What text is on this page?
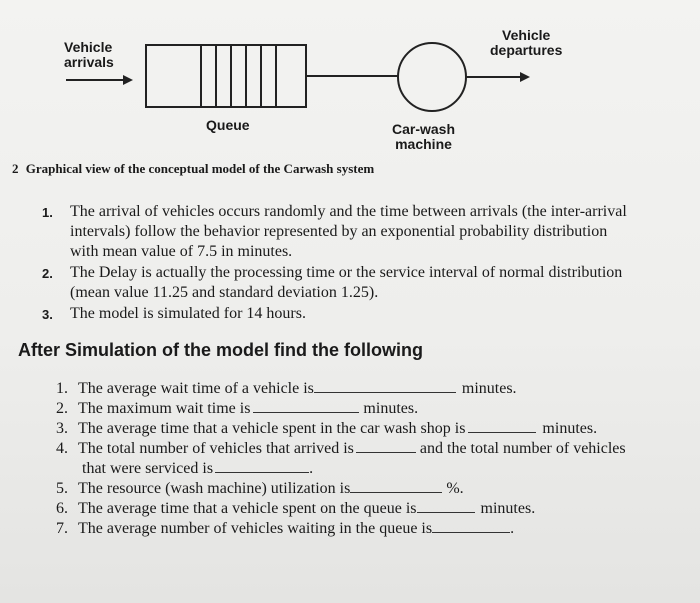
Vehicle
arrivals
Vehicle
departures
Queue	Car-wash
machine
2 Graphical view of the conceptual model of the Carwash system
1. The arrival of vehicles occurs randomly and the time between arrivals (the inter-arrival
intervals) follow the behavior represented by an exponential probability distribution
with mean value of 7.5 in minutes.
2. The Delay is actually the processing time or the service interval of normal distribution
(mean value 11.25 and standard deviation 1.25).
3. The model is simulated for 14 hours.
After Simulation of the model find the following
1. The average wait time of a vehicle is	minutes.
2. The maximum wait time is	minutes.
3. The average time that a vehicle spent in the car wash shop is	minutes.
4. The total number of vehicles that arrived is	and the total number of vehicles
that were serviced is	.
5. The resource (wash machine) utilization is	%.
6. The average time that a vehicle spent on the queue is	minutes.
7. The average number of vehicles waiting in the queue is	.
